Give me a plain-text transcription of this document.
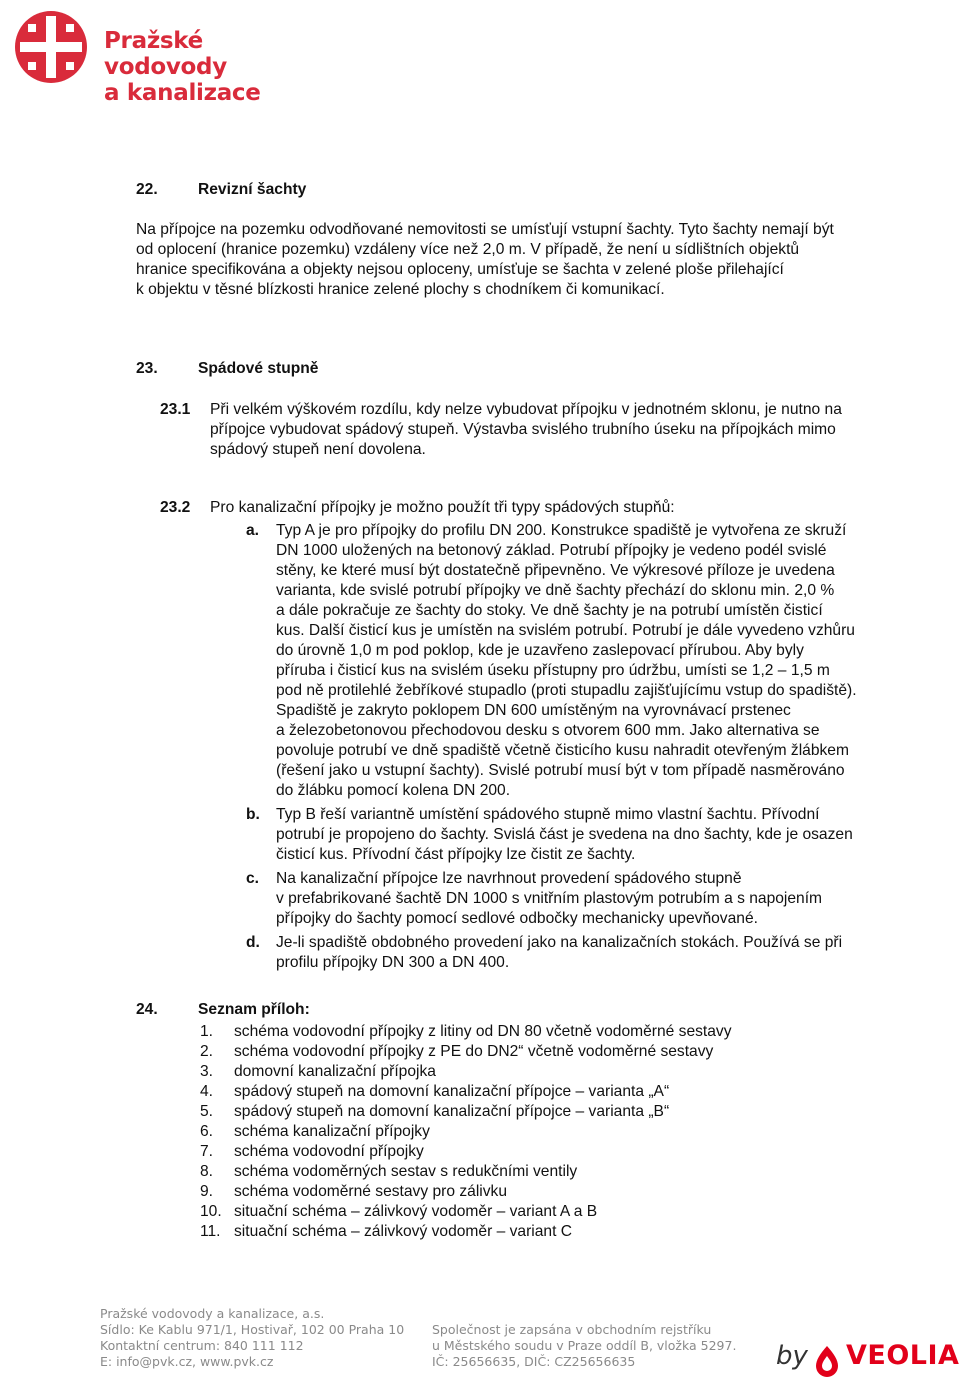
Pražské vodovody
a kanalizace
22.	Revizní šachty
Na přípojce na pozemku odvodňované nemovitosti se umísťují vstupní šachty. Tyto šachty nemají být
od oplocení (hranice pozemku) vzdáleny více než 2,0 m. V případě, že není u sídlištních objektů
hranice specifikována a objekty nejsou oploceny, umísťuje se šachta v zelené ploše přilehající
k objektu v těsné blízkosti hranice zelené plochy s chodníkem či komunikací.
23.	Spádové stupně
23.1	Při velkém výškovém rozdílu, kdy nelze vybudovat přípojku v jednotném sklonu, je nutno na
přípojce vybudovat spádový stupeň. Výstavba svislého trubního úseku na přípojkách mimo
spádový stupeň není dovolena.
23.2	Pro kanalizační přípojky je možno použít tři typy spádových stupňů:
a. Typ A je pro přípojky do profilu DN 200. Konstrukce spadiště je vytvořena ze skruží
DN 1000 uložených na betonový základ. Potrubí přípojky je vedeno podél svislé
stěny, ke které musí být dostatečně připevněno. Ve výkresové příloze je uvedena
varianta, kde svislé potrubí přípojky ve dně šachty přechází do sklonu min. 2,0 %
a dále pokračuje ze šachty do stoky. Ve dně šachty je na potrubí umístěn čisticí
kus. Další čisticí kus je umístěn na svislém potrubí. Potrubí je dále vyvedeno vzhůru
do úrovně 1,0 m pod poklop, kde je uzavřeno zaslepovací přírubou. Aby byly
příruba i čisticí kus na svislém úseku přístupny pro údržbu, umísti se 1,2 – 1,5 m
pod ně protilehlé žebříkové stupadlo (proti stupadlu zajišťujícímu vstup do spadiště).
Spadiště je zakryto poklopem DN 600 umístěným na vyrovnávací prstenec
a železobetonovou přechodovou desku s otvorem 600 mm. Jako alternativa se
povoluje potrubí ve dně spadiště včetně čisticího kusu nahradit otevřeným žlábkem
(řešení jako u vstupní šachty). Svislé potrubí musí být v tom případě nasměrováno
do žlábku pomocí kolena DN 200.
b. Typ B řeší variantně umístění spádového stupně mimo vlastní šachtu. Přívodní
potrubí je propojeno do šachty. Svislá část je svedena na dno šachty, kde je osazen
čisticí kus. Přívodní část přípojky lze čistit ze šachty.
c. Na kanalizační přípojce lze navrhnout provedení spádového stupně
v prefabrikované šachtě DN 1000 s vnitřním plastovým potrubím a s napojením
přípojky do šachty pomocí sedlové odbočky mechanicky upevňované.
d. Je-li spadiště obdobného provedení jako na kanalizačních stokách. Používá se při
profilu přípojky DN 300 a DN 400.
24.	Seznam příloh:
1. schéma vodovodní přípojky z litiny od DN 80 včetně vodoměrné sestavy
2. schéma vodovodní přípojky z PE do DN2“ včetně vodoměrné sestavy
3. domovní kanalizační přípojka
4. spádový stupeň na domovní kanalizační přípojce – varianta „A“
5. spádový stupeň na domovní kanalizační přípojce – varianta „B“
6. schéma kanalizační přípojky
7. schéma vodovodní přípojky
8. schéma vodoměrných sestav s redukčními ventily
9. schéma vodoměrné sestavy pro zálivku
10. situační schéma – zálivkový vodoměr – variant A a B
11. situační schéma – zálivkový vodoměr – variant C
Pražské vodovody a kanalizace, a.s.
Sídlo: Ke Kablu 971/1, Hostivař, 102 00 Praha 10
Kontaktní centrum: 840 111 112
E: info@pvk.cz, www.pvk.cz
Společnost je zapsána v obchodním rejstříku
u Městského soudu v Praze oddíl B, vložka 5297.
IČ: 25656635, DIČ: CZ25656635	by VEOLIA
